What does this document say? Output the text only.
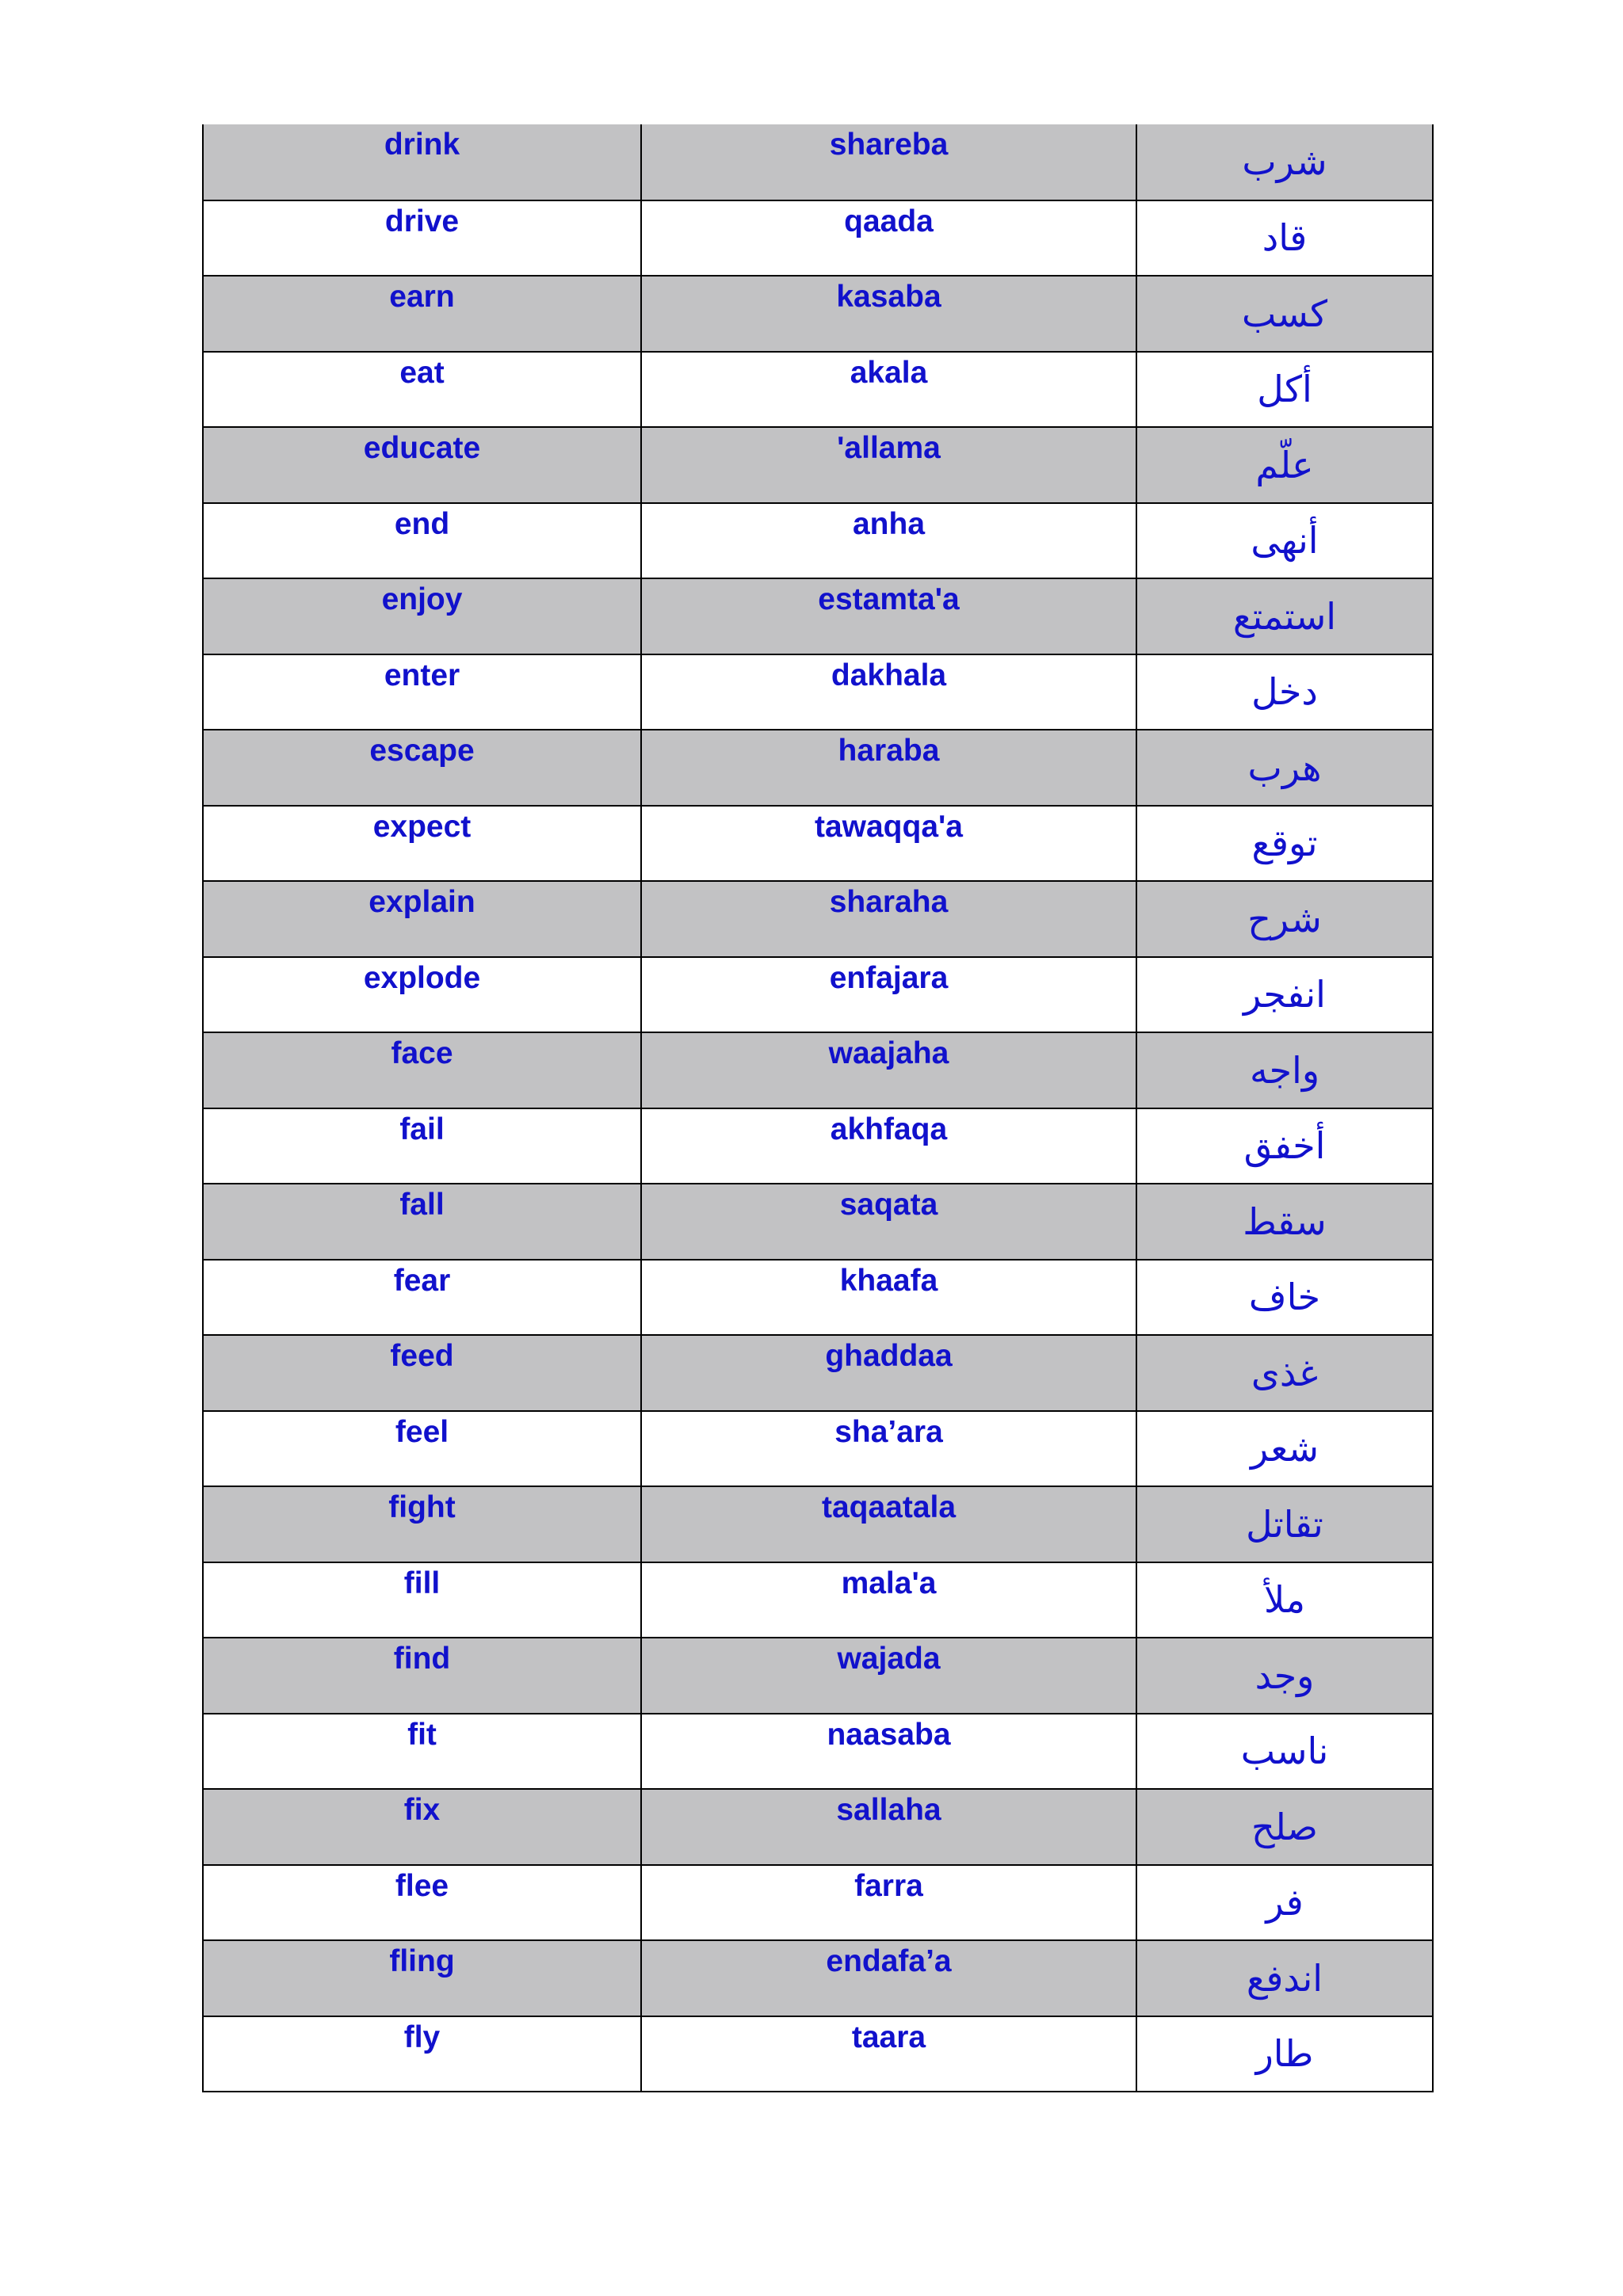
drink	shareba	شرب
drive	qaada	قاد
earn	kasaba	كسب
eat	akala	أكل
educate	'allama	علّم
end	anha	أنهى
enjoy	estamta'a	استمتع
enter	dakhala	دخل
escape	haraba	هرب
expect	tawaqqa'a	توقع
explain	sharaha	شرح
explode	enfajara	انفجر
face	waajaha	واجه
fail	akhfaqa	أخفق
fall	saqata	سقط
fear	khaafa	خاف
feed	ghaddaa	غذى
feel	sha’ara	شعر
fight	taqaatala	تقاتل
fill	mala'a	ملأ
find	wajada	وجد
fit	naasaba	ناسب
fix	sallaha	صلح
flee	farra	فر
fling	endafa’a	اندفع
fly	taara	طار
